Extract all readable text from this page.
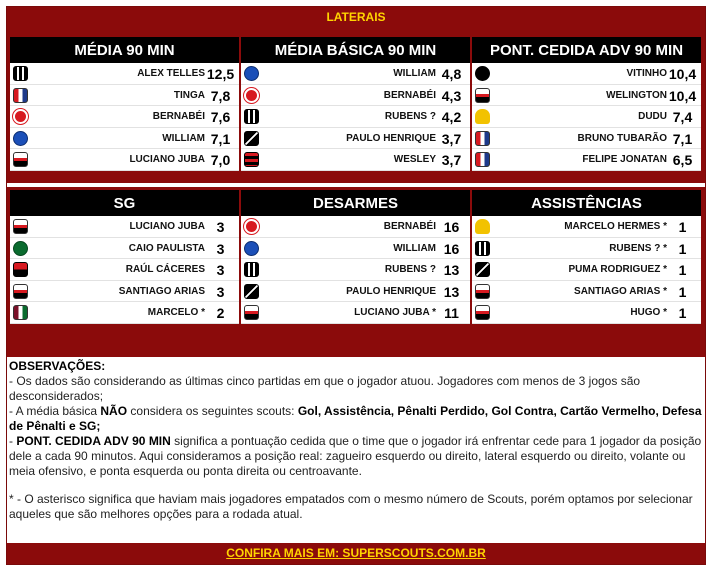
LATERAIS
MÉDIA 90 MIN
ALEX TELLES 12,5
TINGA 7,8
BERNABÉI 7,6
WILLIAM 7,1
LUCIANO JUBA 7,0
MÉDIA BÁSICA 90 MIN
WILLIAM 4,8
BERNABÉI 4,3
RUBENS ? 4,2
PAULO HENRIQUE 3,7
WESLEY 3,7
PONT. CEDIDA ADV 90 MIN
VITINHO 10,4
WELINGTON 10,4
DUDU 7,4
BRUNO TUBARÃO 7,1
FELIPE JONATAN 6,5
SG
LUCIANO JUBA 3
CAIO PAULISTA 3
RAÚL CÁCERES 3
SANTIAGO ARIAS 3
MARCELO * 2
DESARMES
BERNABÉI 16
WILLIAM 16
RUBENS ? 13
PAULO HENRIQUE 13
LUCIANO JUBA * 11
ASSISTÊNCIAS
MARCELO HERMES * 1
RUBENS ? * 1
PUMA RODRIGUEZ * 1
SANTIAGO ARIAS * 1
HUGO * 1
OBSERVAÇÕES:
- Os dados são considerando as últimas cinco partidas em que o jogador atuou. Jogadores com menos de 3 jogos são desconsiderados;
- A média básica NÃO considera os seguintes scouts: Gol, Assistência, Pênalti Perdido, Gol Contra, Cartão Vermelho, Defesa de Pênalti e SG;
- PONT. CEDIDA ADV 90 MIN significa a pontuação cedida que o time que o jogador irá enfrentar cede para 1 jogador da posição dele a cada 90 minutos. Aqui consideramos a posição real: zagueiro esquerdo ou direito, lateral esquerdo ou direito, volante ou meia ofensivo, e ponta esquerda ou ponta direita ou centroavante.
* - O asterisco significa que haviam mais jogadores empatados com o mesmo número de Scouts, porém optamos por selecionar aqueles que são melhores opções para a rodada atual.
CONFIRA MAIS EM: SUPERSCOUTS.COM.BR
